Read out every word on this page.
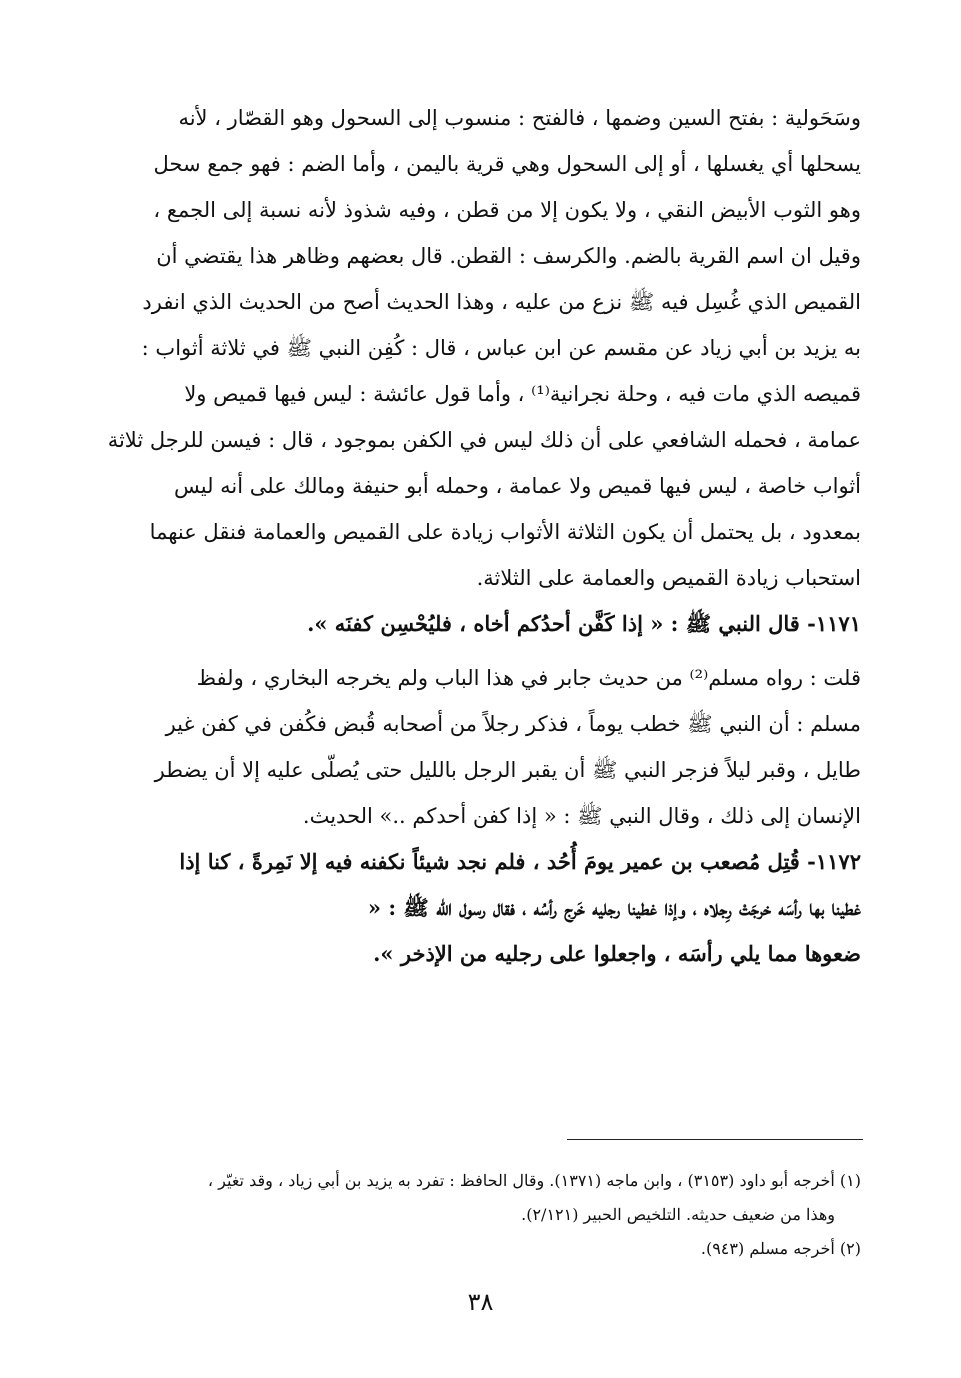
وسَحَولية : بفتح السين وضمها ، فالفتح : منسوب إلى السحول وهو القصّار ، لأنه
يسحلها أي يغسلها ، أو إلى السحول وهي قرية باليمن ، وأما الضم : فهو جمع سحل
وهو الثوب الأبيض النقي ، ولا يكون إلا من قطن ، وفيه شذوذ لأنه نسبة إلى الجمع ،
وقيل ان اسم القرية بالضم. والكرسف : القطن. قال بعضهم وظاهر هذا يقتضي أن
القميص الذي غُسِل فيه ﷺ نزع من عليه ، وهذا الحديث أصح من الحديث الذي انفرد
به يزيد بن أبي زياد عن مقسم عن ابن عباس ، قال : كُفِن النبي ﷺ في ثلاثة أثواب :
قميصه الذي مات فيه ، وحلة نجرانية⁽¹⁾ ، وأما قول عائشة : ليس فيها قميص ولا
عمامة ، فحمله الشافعي على أن ذلك ليس في الكفن بموجود ، قال : فيسن للرجل ثلاثة
أثواب خاصة ، ليس فيها قميص ولا عمامة ، وحمله أبو حنيفة ومالك على أنه ليس
بمعدود ، بل يحتمل أن يكون الثلاثة الأثواب زيادة على القميص والعمامة فنقل عنهما
استحباب زيادة القميص والعمامة على الثلاثة.
١١٧١- قال النبي ﷺ : « إذا كَفَّن أحدُكم أخاه ، فليُحْسِن كفنَه ».
قلت : رواه مسلم⁽²⁾ من حديث جابر في هذا الباب ولم يخرجه البخاري ، ولفظ
مسلم : أن النبي ﷺ خطب يوماً ، فذكر رجلاً من أصحابه قُبض فكُفن في كفن غير
طايل ، وقبر ليلاً فزجر النبي ﷺ أن يقبر الرجل بالليل حتى يُصلّى عليه إلا أن يضطر
الإنسان إلى ذلك ، وقال النبي ﷺ : « إذا كفن أحدكم ..» الحديث.
١١٧٢- قُتِل مُصعب بن عمير يومَ أُحُد ، فلم نجد شيئاً نكفنه فيه إلا نَمِرةً ، كنا إذا
غطينا بها رأسَه خرجَتْ رِجلاه ، وإذا غطينا رجليه خَرج رأسُه ، فقال رسول الله ﷺ : «
ضعوها مما يلي رأسَه ، واجعلوا على رجليه من الإذخر ».
(١) أخرجه أبو داود (٣١٥٣) ، وابن ماجه (١٣٧١). وقال الحافظ : تفرد به يزيد بن أبي زياد ، وقد تغيّر ،
وهذا من ضعيف حديثه. التلخيص الحبير (٢/١٢١).
(٢) أخرجه مسلم (٩٤٣).
٣٨
